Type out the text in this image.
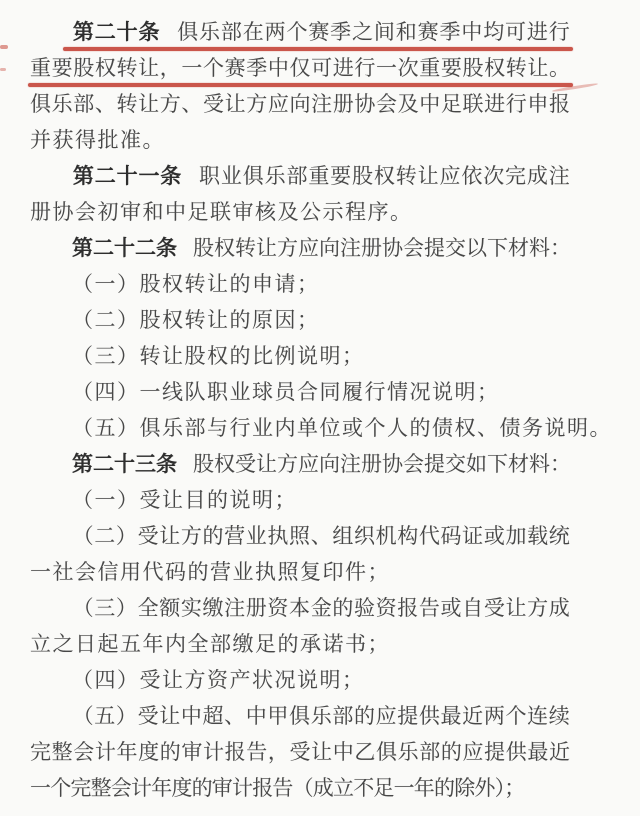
第 二 十 条 俱 乐 部 在 两 个 赛 季 之 间 和 赛 季 中 均 可 进 行
重 要 股 权 转 让 ， 一 个 赛 季 中 仅 可 进 行 一 次 重 要 股 权 转 让 。
俱 乐 部 、 转 让 方 、 受 让 方 应 向 注 册 协 会 及 中 足 联 进 行 申 报
并获得批准。
第 二 十 一 条 职 业 俱 乐 部 重 要 股 权 转 让 应 依 次 完 成 注
册协会初审和中足联审核及公示程序。
第 二 十 二 条 股 权 转 让 方 应 向 注 册 协 会 提 交 以 下 材 料 ：
（一）股权转让的申请；
（二）股权转让的原因；
（三）转让股权的比例说明；
（四）一线队职业球员合同履行情况说明；
（五）俱乐部与行业内单位或个人的债权、债务说明。
第 二 十 三 条 股 权 受 让 方 应 向 注 册 协 会 提 交 如 下 材 料 ：
（一）受让目的说明；
（ 二 ） 受 让 方 的 营 业 执 照 、 组 织 机 构 代 码 证 或 加 载 统
一社会信用代码的营业执照复印件；
（ 三 ） 全 额 实 缴 注 册 资 本 金 的 验 资 报 告 或 自 受 让 方 成
立之日起五年内全部缴足的承诺书；
（四）受让方资产状况说明；
（ 五 ） 受 让 中 超 、 中 甲 俱 乐 部 的 应 提 供 最 近 两 个 连 续
完 整 会 计 年 度 的 审 计 报 告 ， 受 让 中 乙 俱 乐 部 的 应 提 供 最 近
一个完整会计年度的审计报告（成立不足一年的除外）；
